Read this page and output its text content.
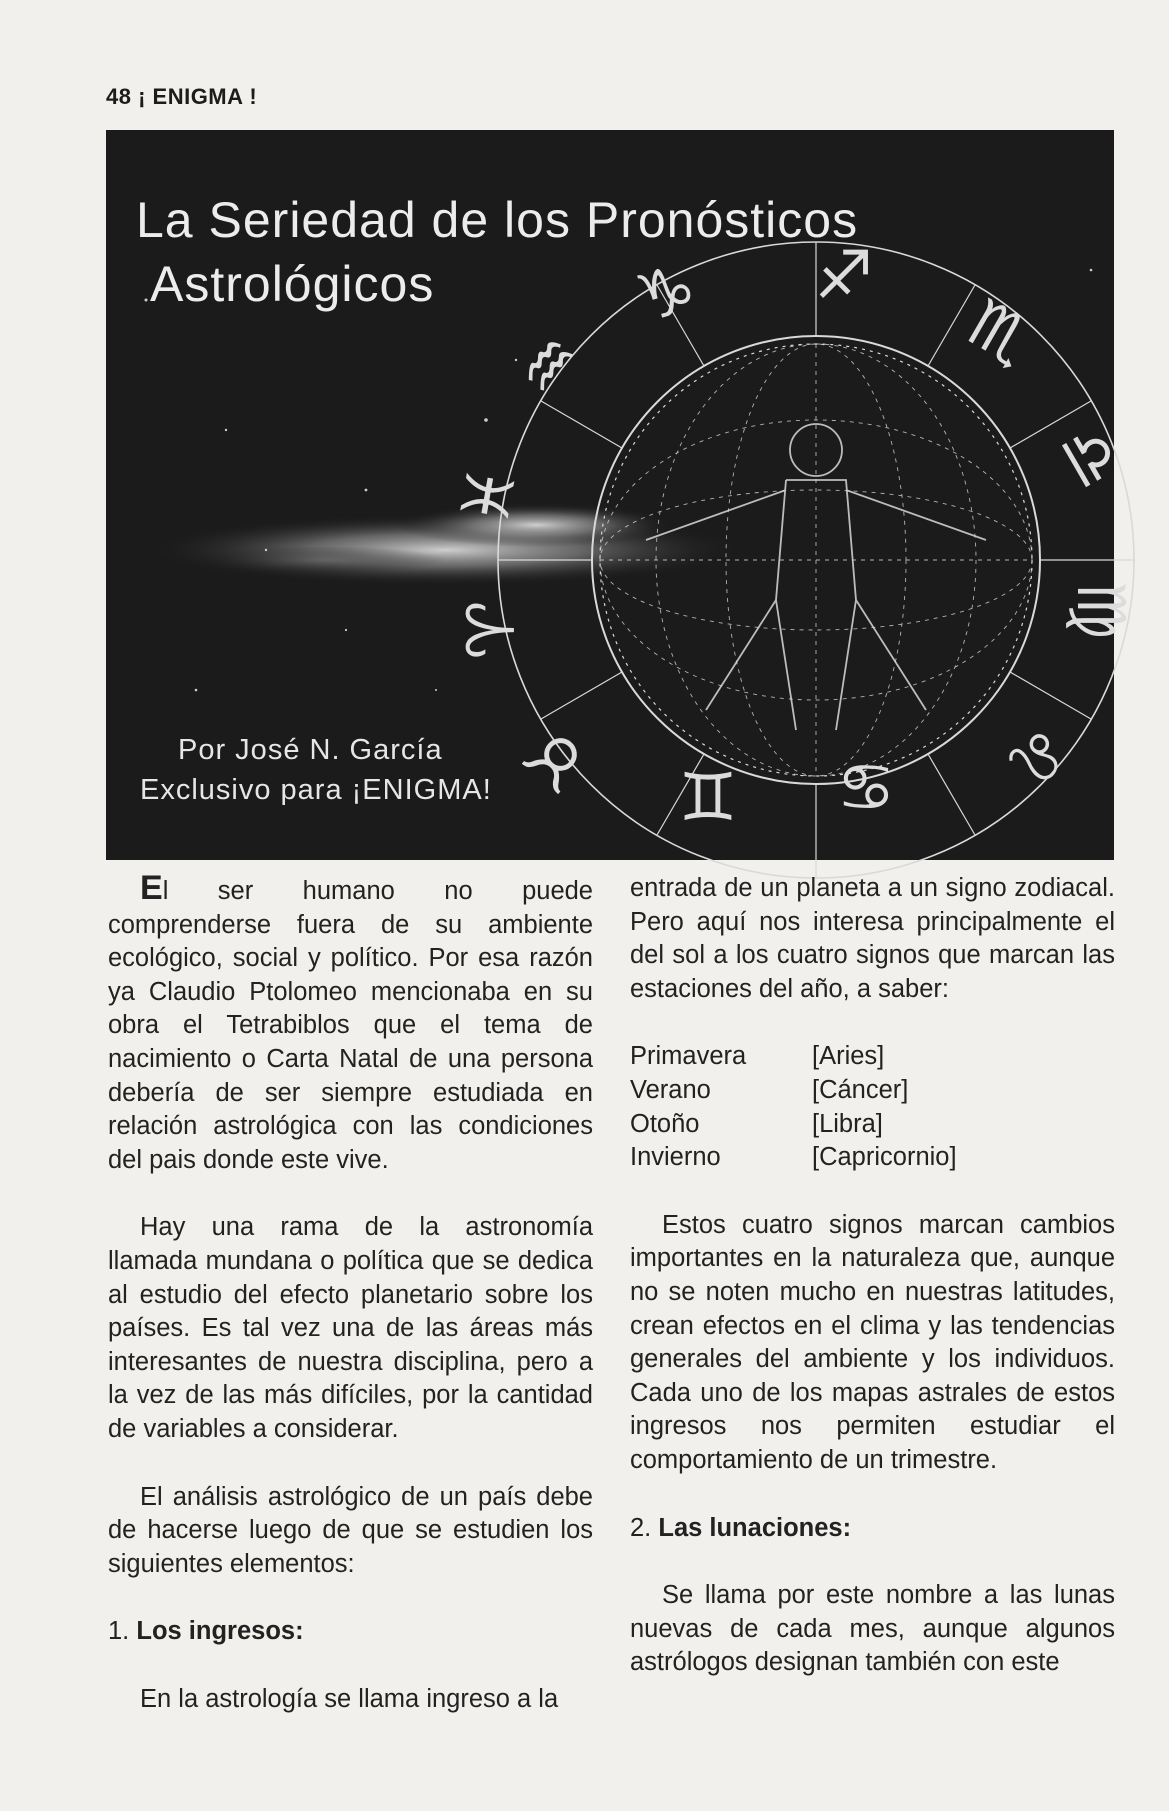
48 ¡ ENIGMA !
♑ ♐
♏
♎
♍
♌
♋
♊
♉
♈
♓
♒
La Seriedad de los Pronósticos
Astrológicos
Por José N. García
Exclusivo para ¡ENIGMA!

El ser humano no puede comprenderse fuera de su ambiente ecológico, social y político. Por esa razón ya Claudio Ptolomeo mencionaba en su obra el Tetrabiblos que el tema de nacimiento o Carta Natal de una persona debería de ser siempre estudiada en relación astrológica con las condiciones del pais donde este vive.

Hay una rama de la astronomía llamada mundana o política que se dedica al estudio del efecto planetario sobre los países. Es tal vez una de las áreas más interesantes de nuestra disciplina, pero a la vez de las más difíciles, por la cantidad de variables a considerar.

El análisis astrológico de un país debe de hacerse luego de que se estudien los siguientes elementos:

1. Los ingresos:

En la astrología se llama ingreso a la

entrada de un planeta a un signo zodiacal. Pero aquí nos interesa principalmente el del sol a los cuatro signos que marcan las estaciones del año, a saber:

Primavera	[Aries]
Verano	[Cáncer]
Otoño	[Libra]
Invierno	[Capricornio]

Estos cuatro signos marcan cambios importantes en la naturaleza que, aunque no se noten mucho en nuestras latitudes, crean efectos en el clima y las tendencias generales del ambiente y los individuos. Cada uno de los mapas astrales de estos ingresos nos permiten estudiar el comportamiento de un trimestre.

2. Las lunaciones:

Se llama por este nombre a las lunas nuevas de cada mes, aunque algunos astrólogos designan también con este
